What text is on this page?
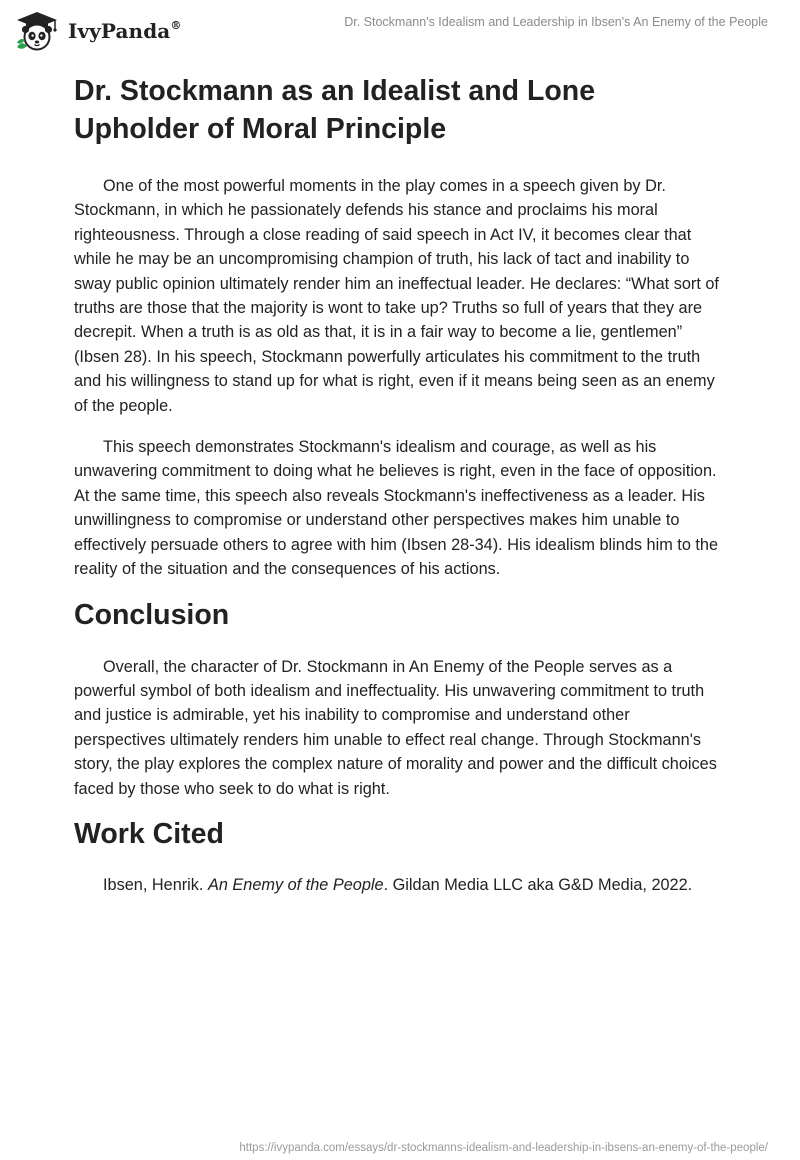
IvyPanda®	Dr. Stockmann's Idealism and Leadership in Ibsen's An Enemy of the People
Dr. Stockmann as an Idealist and Lone Upholder of Moral Principle

One of the most powerful moments in the play comes in a speech given by Dr. Stockmann, in which he passionately defends his stance and proclaims his moral righteousness. Through a close reading of said speech in Act IV, it becomes clear that while he may be an uncompromising champion of truth, his lack of tact and inability to sway public opinion ultimately render him an ineffectual leader. He declares: “What sort of truths are those that the majority is wont to take up? Truths so full of years that they are decrepit. When a truth is as old as that, it is in a fair way to become a lie, gentlemen” (Ibsen 28). In his speech, Stockmann powerfully articulates his commitment to the truth and his willingness to stand up for what is right, even if it means being seen as an enemy of the people.

This speech demonstrates Stockmann's idealism and courage, as well as his unwavering commitment to doing what he believes is right, even in the face of opposition. At the same time, this speech also reveals Stockmann's ineffectiveness as a leader. His unwillingness to compromise or understand other perspectives makes him unable to effectively persuade others to agree with him (Ibsen 28-34). His idealism blinds him to the reality of the situation and the consequences of his actions.

Conclusion

Overall, the character of Dr. Stockmann in An Enemy of the People serves as a powerful symbol of both idealism and ineffectuality. His unwavering commitment to truth and justice is admirable, yet his inability to compromise and understand other perspectives ultimately renders him unable to effect real change. Through Stockmann's story, the play explores the complex nature of morality and power and the difficult choices faced by those who seek to do what is right.

Work Cited

Ibsen, Henrik. An Enemy of the People. Gildan Media LLC aka G&D Media, 2022.

https://ivypanda.com/essays/dr-stockmanns-idealism-and-leadership-in-ibsens-an-enemy-of-the-people/
